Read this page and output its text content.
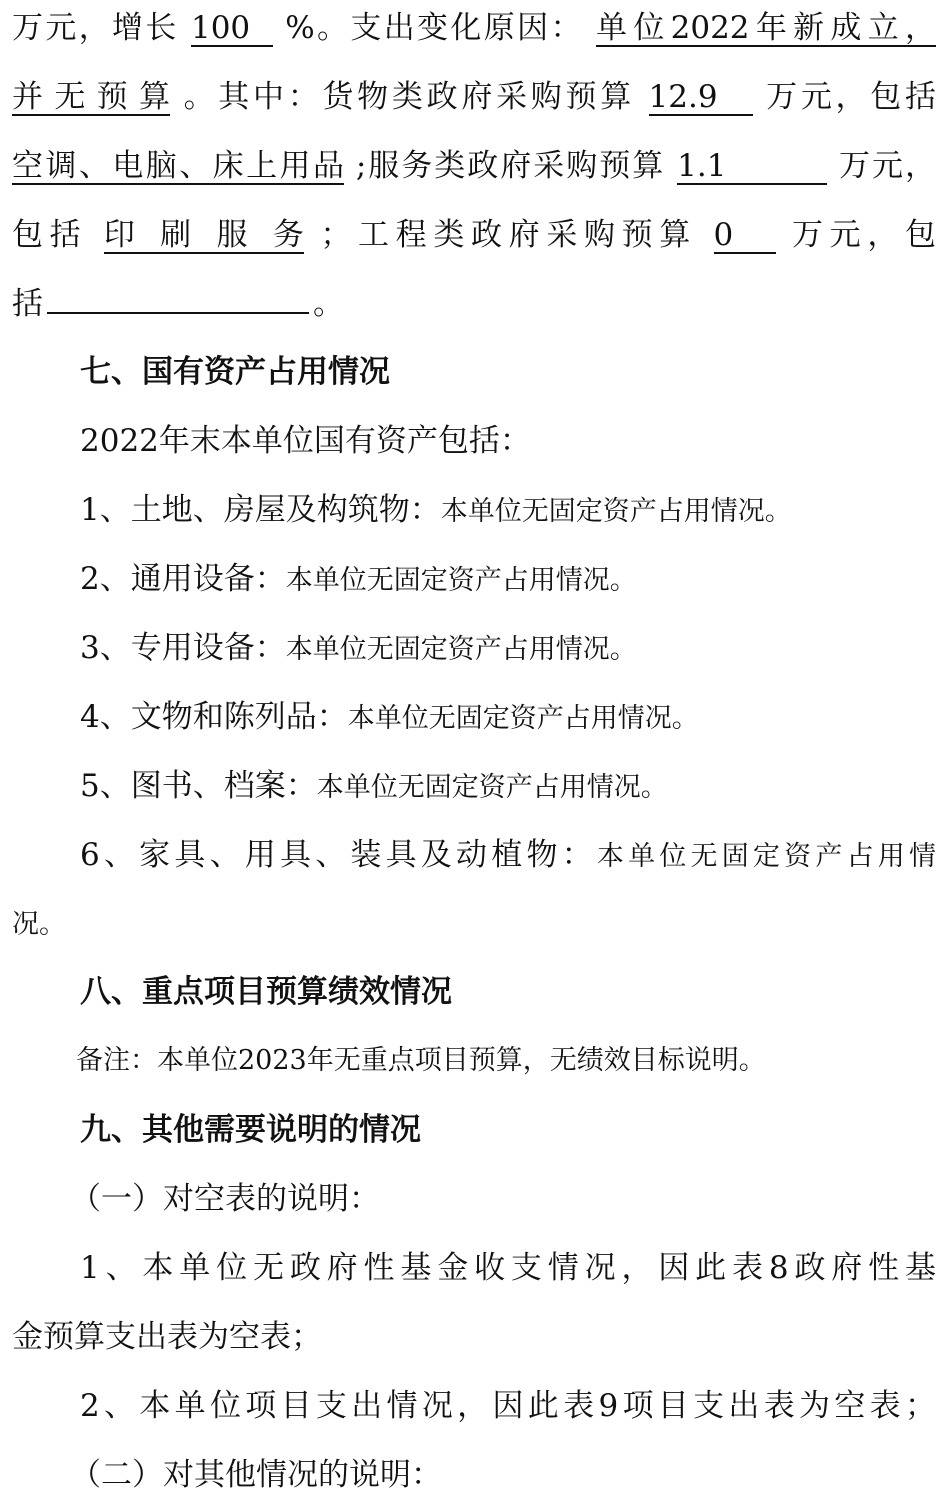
万元，增长 100 %。支出变化原因： 单位2022年新成立，
并无预算 。其中：货物类政府采购预算 12.9 万元，包括
空调、电脑、床上用品 ;服务类政府采购预算 1.1	万元，
包括 印刷服务 ；工程类政府采购预算 0 万元，包
括	。
七、国有资产占用情况
2022年末本单位国有资产包括：
1、土地、房屋及构筑物：本单位无固定资产占用情况。
2、通用设备：本单位无固定资产占用情况。
3、专用设备：本单位无固定资产占用情况。
4、文物和陈列品：本单位无固定资产占用情况。
5、图书、档案：本单位无固定资产占用情况。
6、家具、用具、装具及动植物：本单位无固定资产占用情
况。
八、重点项目预算绩效情况
备注：本单位2023年无重点项目预算，无绩效目标说明。
九、其他需要说明的情况
（一）对空表的说明：
1、本单位无政府性基金收支情况，因此表8政府性基
金预算支出表为空表；
2、本单位项目支出情况，因此表9项目支出表为空表；
（二）对其他情况的说明：
